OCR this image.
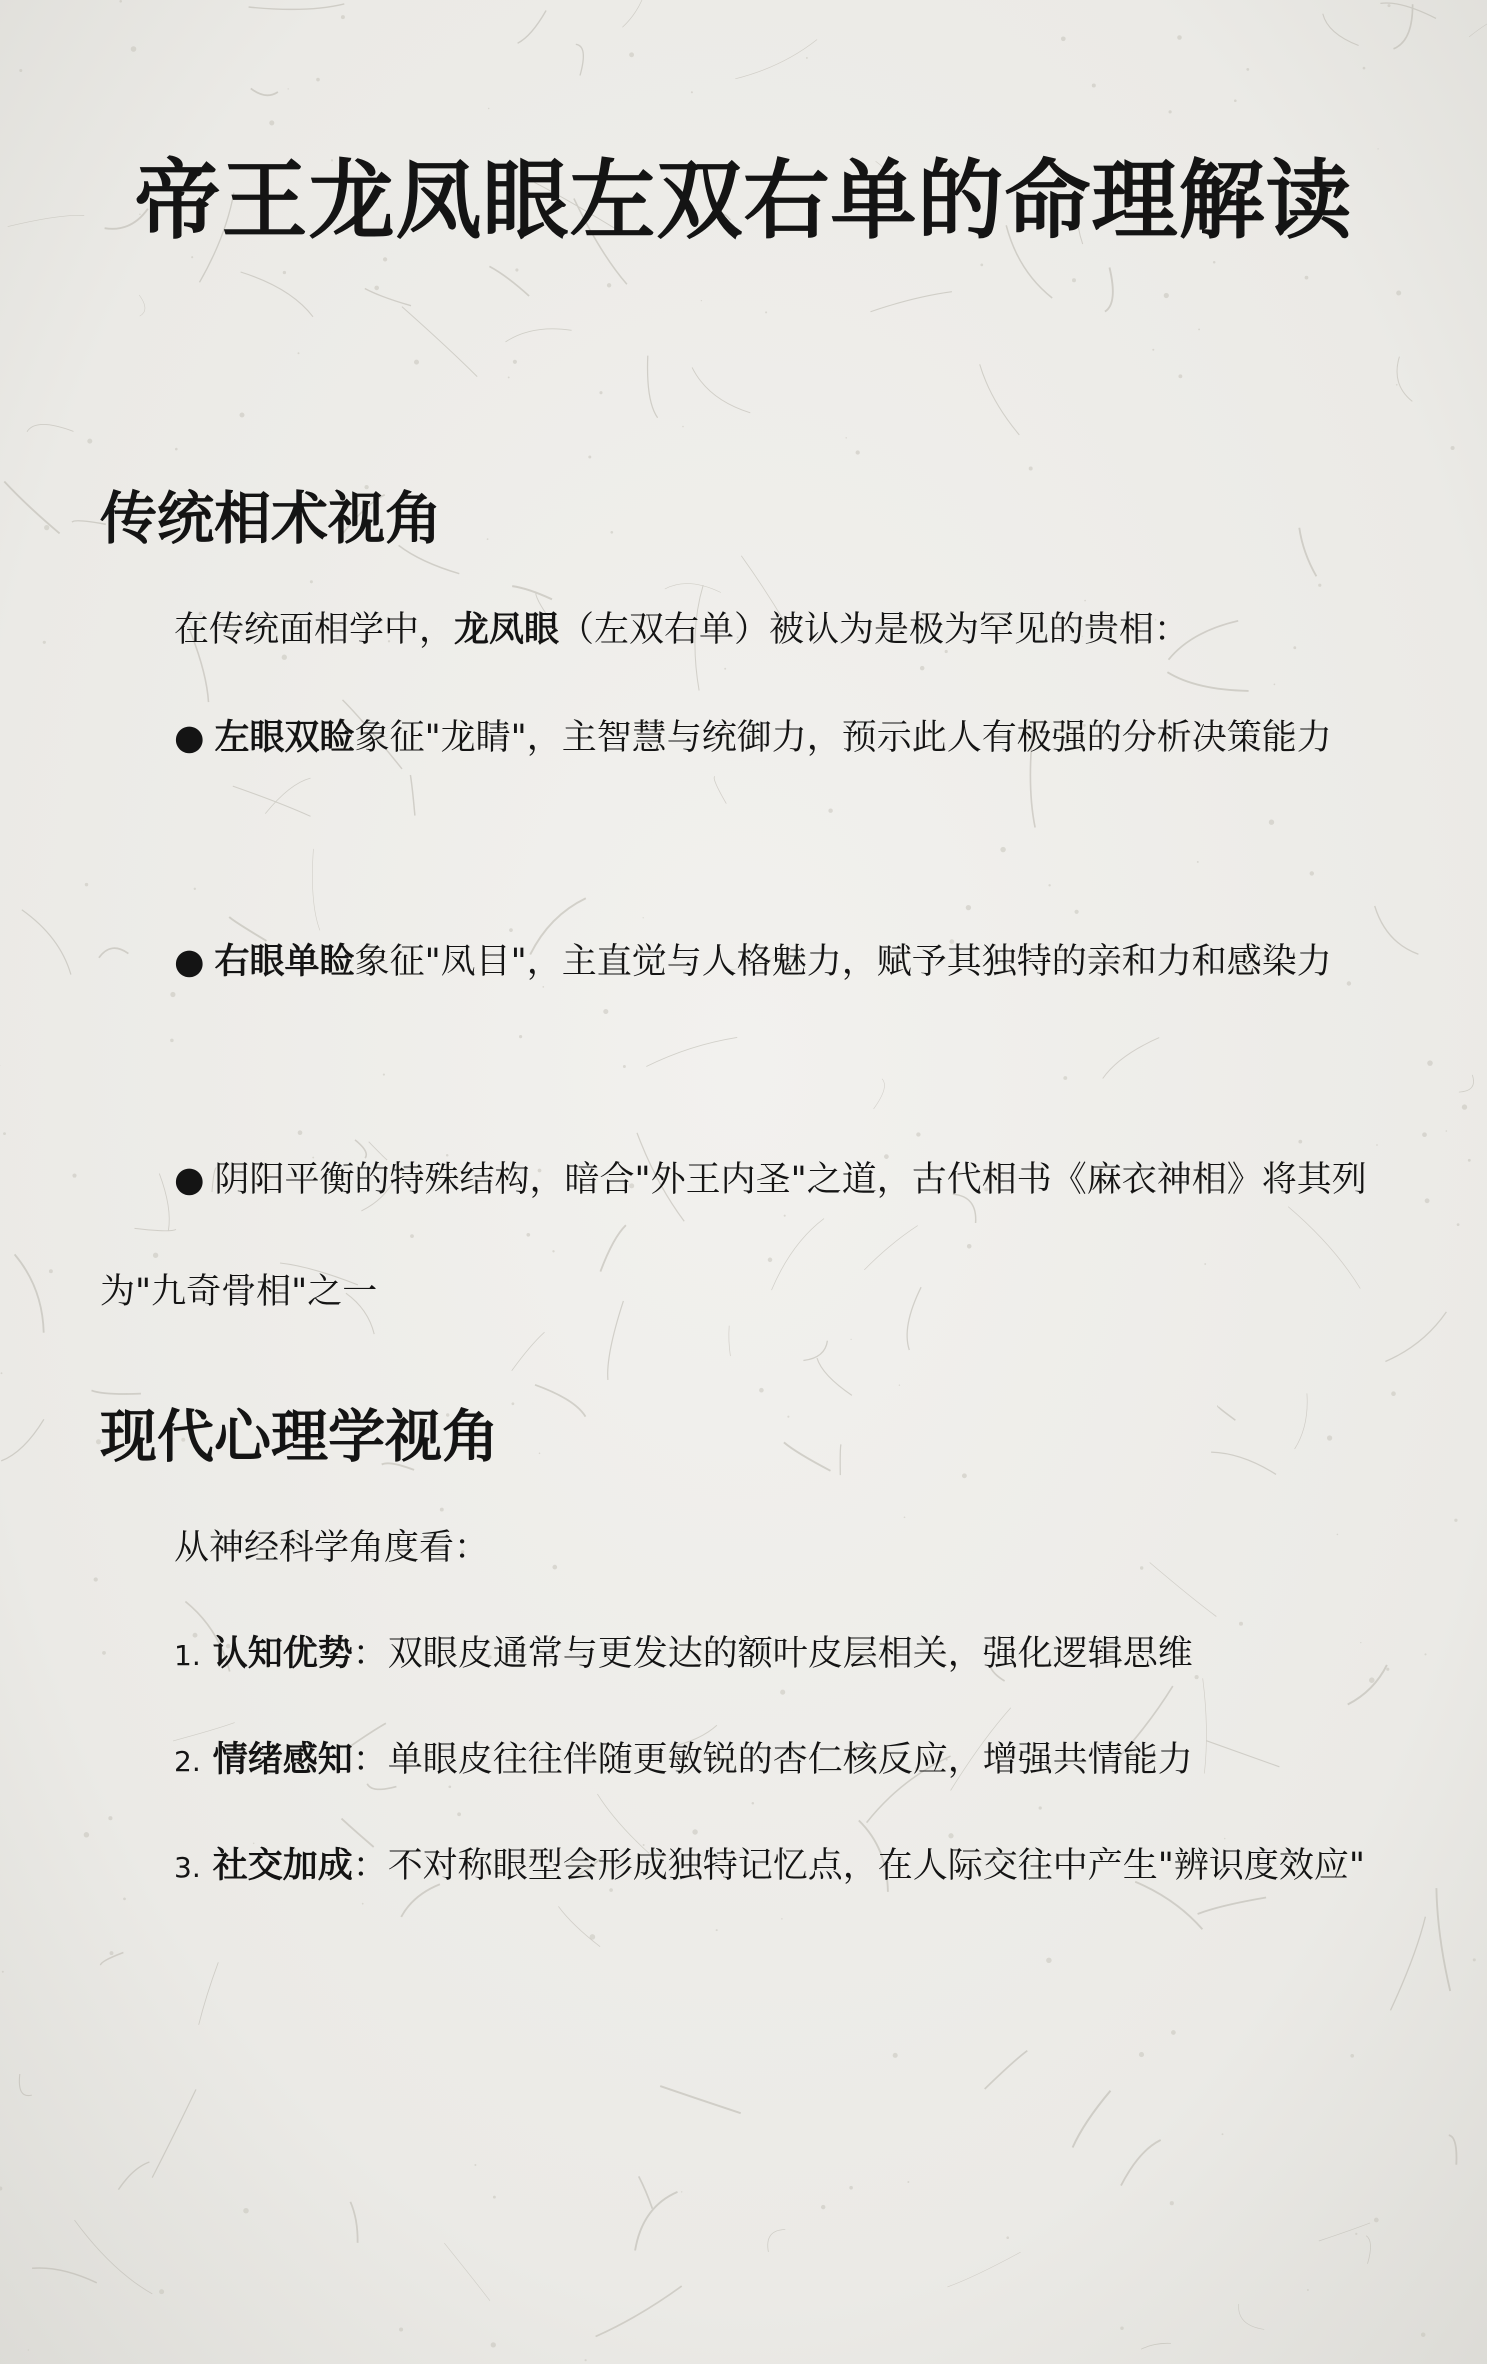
帝王龙凤眼左双右单的命理解读
传统相术视角

在传统面相学中，龙凤眼（左双右单）被认为是极为罕见的贵相：

● 左眼双睑象征"龙睛"，主智慧与统御力，预示此人有极强的分析决策能力

● 右眼单睑象征"凤目"，主直觉与人格魅力，赋予其独特的亲和力和感染力

● 阴阳平衡的特殊结构，暗合"外王内圣"之道，古代相书《麻衣神相》将其列为"九奇骨相"之一

现代心理学视角

从神经科学角度看：

1. 认知优势：双眼皮通常与更发达的额叶皮层相关，强化逻辑思维

2. 情绪感知：单眼皮往往伴随更敏锐的杏仁核反应，增强共情能力

3. 社交加成：不对称眼型会形成独特记忆点，在人际交往中产生"辨识度效应"
